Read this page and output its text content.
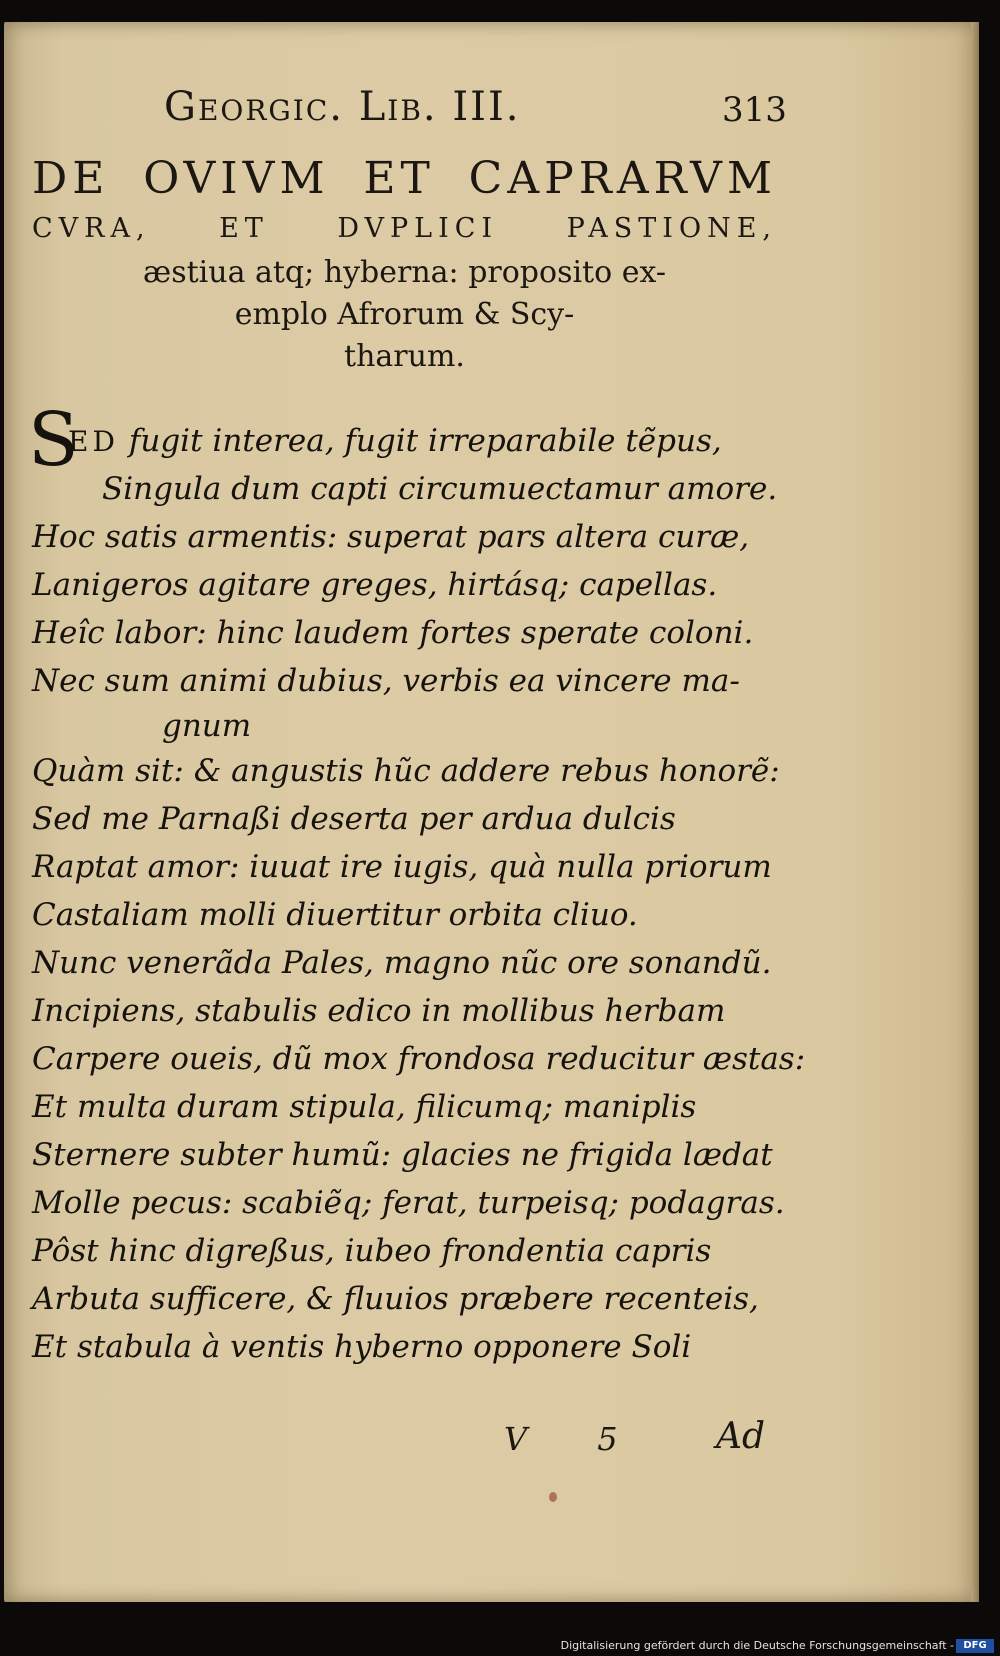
Georgic. Lib. III.	313
DE OVIVM ET CAPRARVM
CVRA, ET DVPLICI PASTIONE,
æstiua atq; hyberna: proposito ex-
emplo Afrorum & Scy-
tharum.
S
ED fugit interea, fugit irreparabile tẽpus,
Singula dum capti circumuectamur amore.
Hoc satis armentis: superat pars altera curæ,
Lanigeros agitare greges, hirtásq; capellas.
Heîc labor: hinc laudem fortes sperate coloni.
Nec sum animi dubius, verbis ea vincere ma-
gnum
Quàm sit: & angustis hũc addere rebus honorẽ:
Sed me Parnaßi deserta per ardua dulcis
Raptat amor: iuuat ire iugis, quà nulla priorum
Castaliam molli diuertitur orbita cliuo.
Nunc venerãda Pales, magno nũc ore sonandũ.
Incipiens, stabulis edico in mollibus herbam
Carpere oueis, dũ mox frondosa reducitur æstas:
Et multa duram stipula, filicumq; maniplis
Sternere subter humũ: glacies ne frigida lædat
Molle pecus: scabiẽq; ferat, turpeisq; podagras.
Pôst hinc digreßus, iubeo frondentia capris
Arbuta sufficere, & fluuios præbere recenteis,
Et stabula à ventis hyberno opponere Soli
V 5 Ad
Digitalisierung gefördert durch die Deutsche Forschungsgemeinschaft - DFG
